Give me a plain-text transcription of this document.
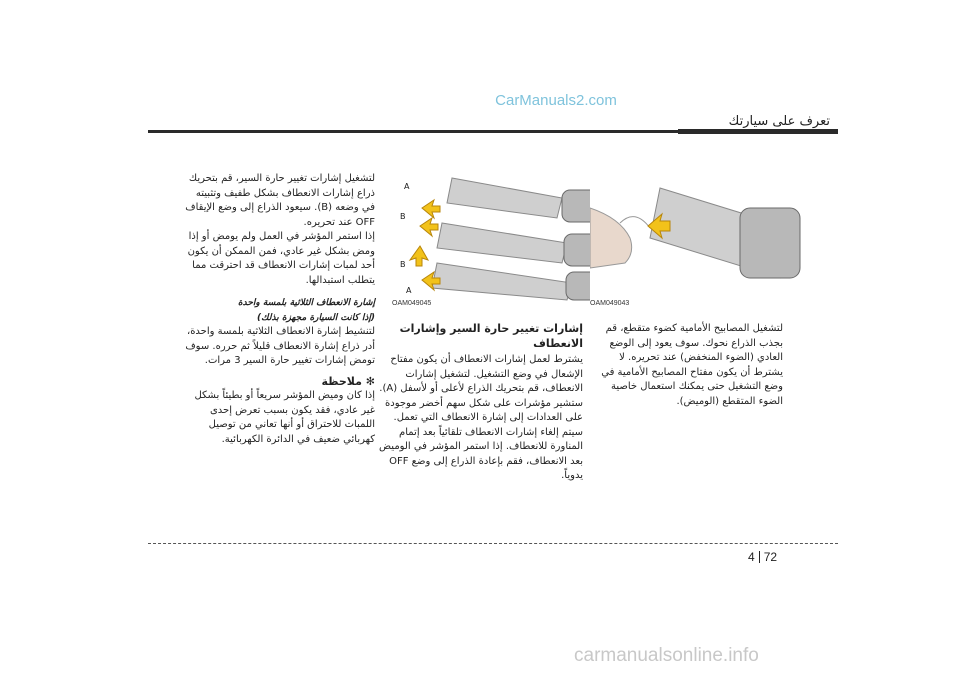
CarManuals2.com
تعرف على سيارتك
A
B
B
A
OAM049045	OAM049043

لتشغيل المصابيح الأمامية كضوء متقطع، قم بجذب الذراع نحوك. سوف يعود إلى الوضع العادي (الضوء المنخفض) عند تحريره. لا يشترط أن يكون مفتاح المصابيح الأمامية في وضع التشغيل حتى يمكنك استعمال خاصية الضوء المتقطع (الوميض).

إشارات تغيير حارة السير وإشارات الانعطاف

يشترط لعمل إشارات الانعطاف أن يكون مفتاح الإشعال في وضع التشغيل. لتشغيل إشارات الانعطاف، قم بتحريك الذراع لأعلى أو لأسفل (A). ستشير مؤشرات على شكل سهم أخضر موجودة على العدادات إلى إشارة الانعطاف التي تعمل. سيتم إلغاء إشارات الانعطاف تلقائياً بعد إتمام المناورة للانعطاف. إذا استمر المؤشر في الوميض بعد الانعطاف، فقم بإعادة الذراع إلى وضع OFF يدوياً.

لتشغيل إشارات تغيير حارة السير، قم بتحريك ذراع إشارات الانعطاف بشكل طفيف وتثبيته في وضعه (B). سيعود الذراع إلى وضع الإيقاف OFF عند تحريره.

إذا استمر المؤشر في العمل ولم يومض أو إذا ومض بشكل غير عادي، فمن الممكن أن يكون أحد لمبات إشارات الانعطاف قد احترقت مما يتطلب استبدالها.

إشارة الانعطاف الثلاثية بلمسة واحدة

(إذا كانت السيارة مجهزة بذلك)

لتنشيط إشارة الانعطاف الثلاثية بلمسة واحدة، أدر ذراع إشارة الانعطاف قليلاً ثم حرره. سوف تومض إشارات تغيير حارة السير 3 مرات.

✻ ملاحظة

إذا كان وميض المؤشر سريعاً أو بطيئاً بشكل غير عادي، فقد يكون بسبب تعرض إحدى اللمبات للاحتراق أو أنها تعاني من توصيل كهربائي ضعيف في الدائرة الكهربائية.

4 72
carmanualsonline.info
